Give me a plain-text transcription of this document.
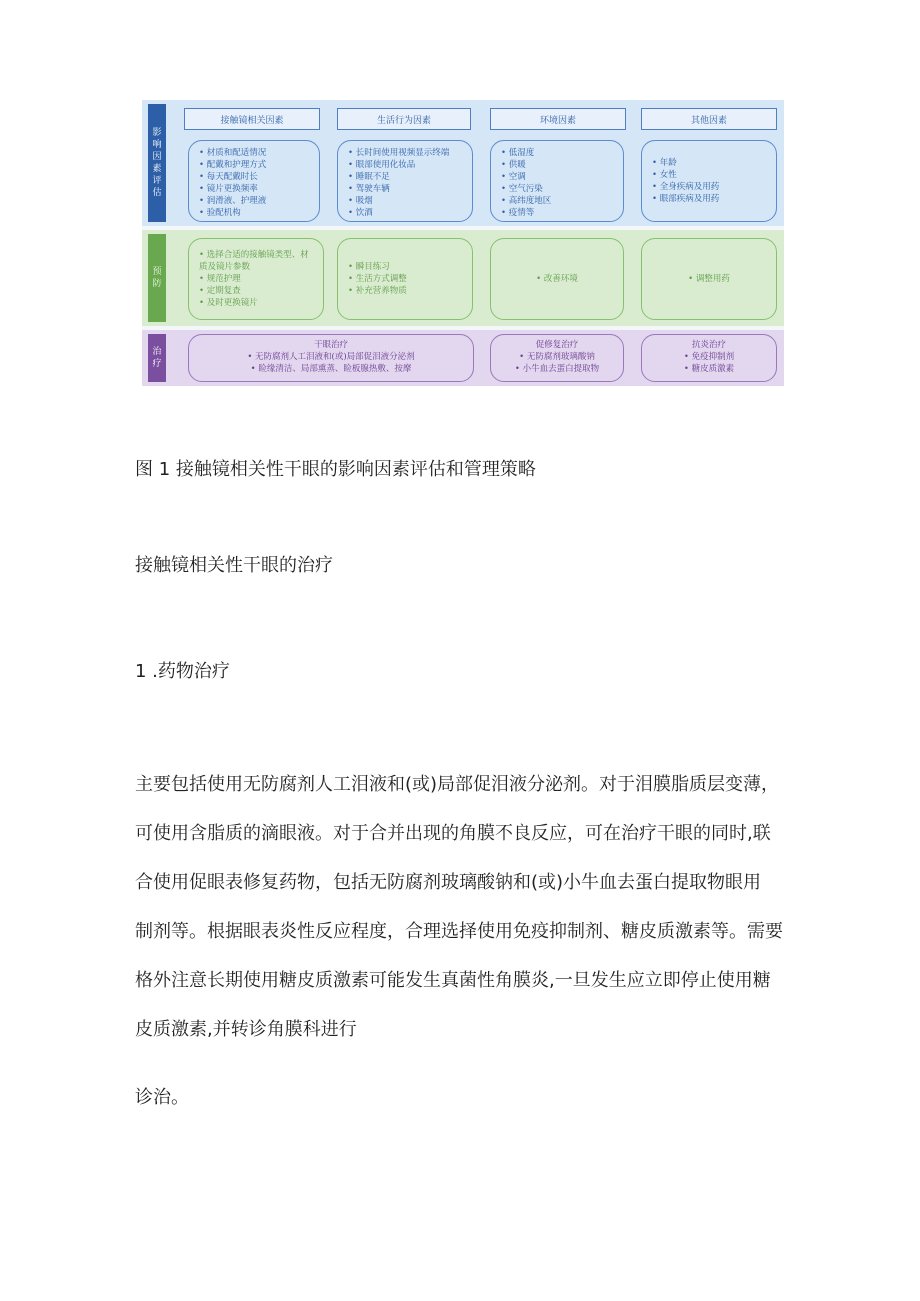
影
响
因
素
评
估
预
防
治
疗
接触镜相关因素	生活行为因素	环境因素	其他因素
• 材质和配适情况
• 配戴和护理方式
• 每天配戴时长
• 镜片更换频率
• 润滑液、护理液
• 验配机构
• 长时间使用视频显示终端
• 眼部使用化妆品
• 睡眠不足
• 驾驶车辆
• 吸烟
• 饮酒
• 低湿度
• 供暖
• 空调
• 空气污染
• 高纬度地区
• 疫情等
• 年龄
• 女性
• 全身疾病及用药
• 眼部疾病及用药
• 选择合适的接触镜类型、材质及镜片参数
• 规范护理
• 定期复查
• 及时更换镜片
• 瞬目练习
• 生活方式调整
• 补充营养物质
• 改善环境
•	调整用药
干眼治疗
• 无防腐剂人工泪液和(或)局部促泪液分泌剂
• 睑缘清洁、局部熏蒸、睑板腺热敷、按摩
促修复治疗
• 无防腐剂玻璃酸钠
• 小牛血去蛋白提取物
抗炎治疗
• 免疫抑制剂
• 糖皮质激素
图 1 接触镜相关性干眼的影响因素评估和管理策略
接触镜相关性干眼的治疗
1 .药物治疗
主要包括使用无防腐剂人工泪液和(或)局部促泪液分泌剂。对于泪膜脂质层变薄，
可使用含脂质的滴眼液。对于合并出现的角膜不良反应，可在治疗干眼的同时,联
合使用促眼表修复药物，包括无防腐剂玻璃酸钠和(或)小牛血去蛋白提取物眼用
制剂等。根据眼表炎性反应程度，合理选择使用免疫抑制剂、糖皮质激素等。需要
格外注意长期使用糖皮质激素可能发生真菌性角膜炎,一旦发生应立即停止使用糖
皮质激素,并转诊角膜科进行
诊治。
